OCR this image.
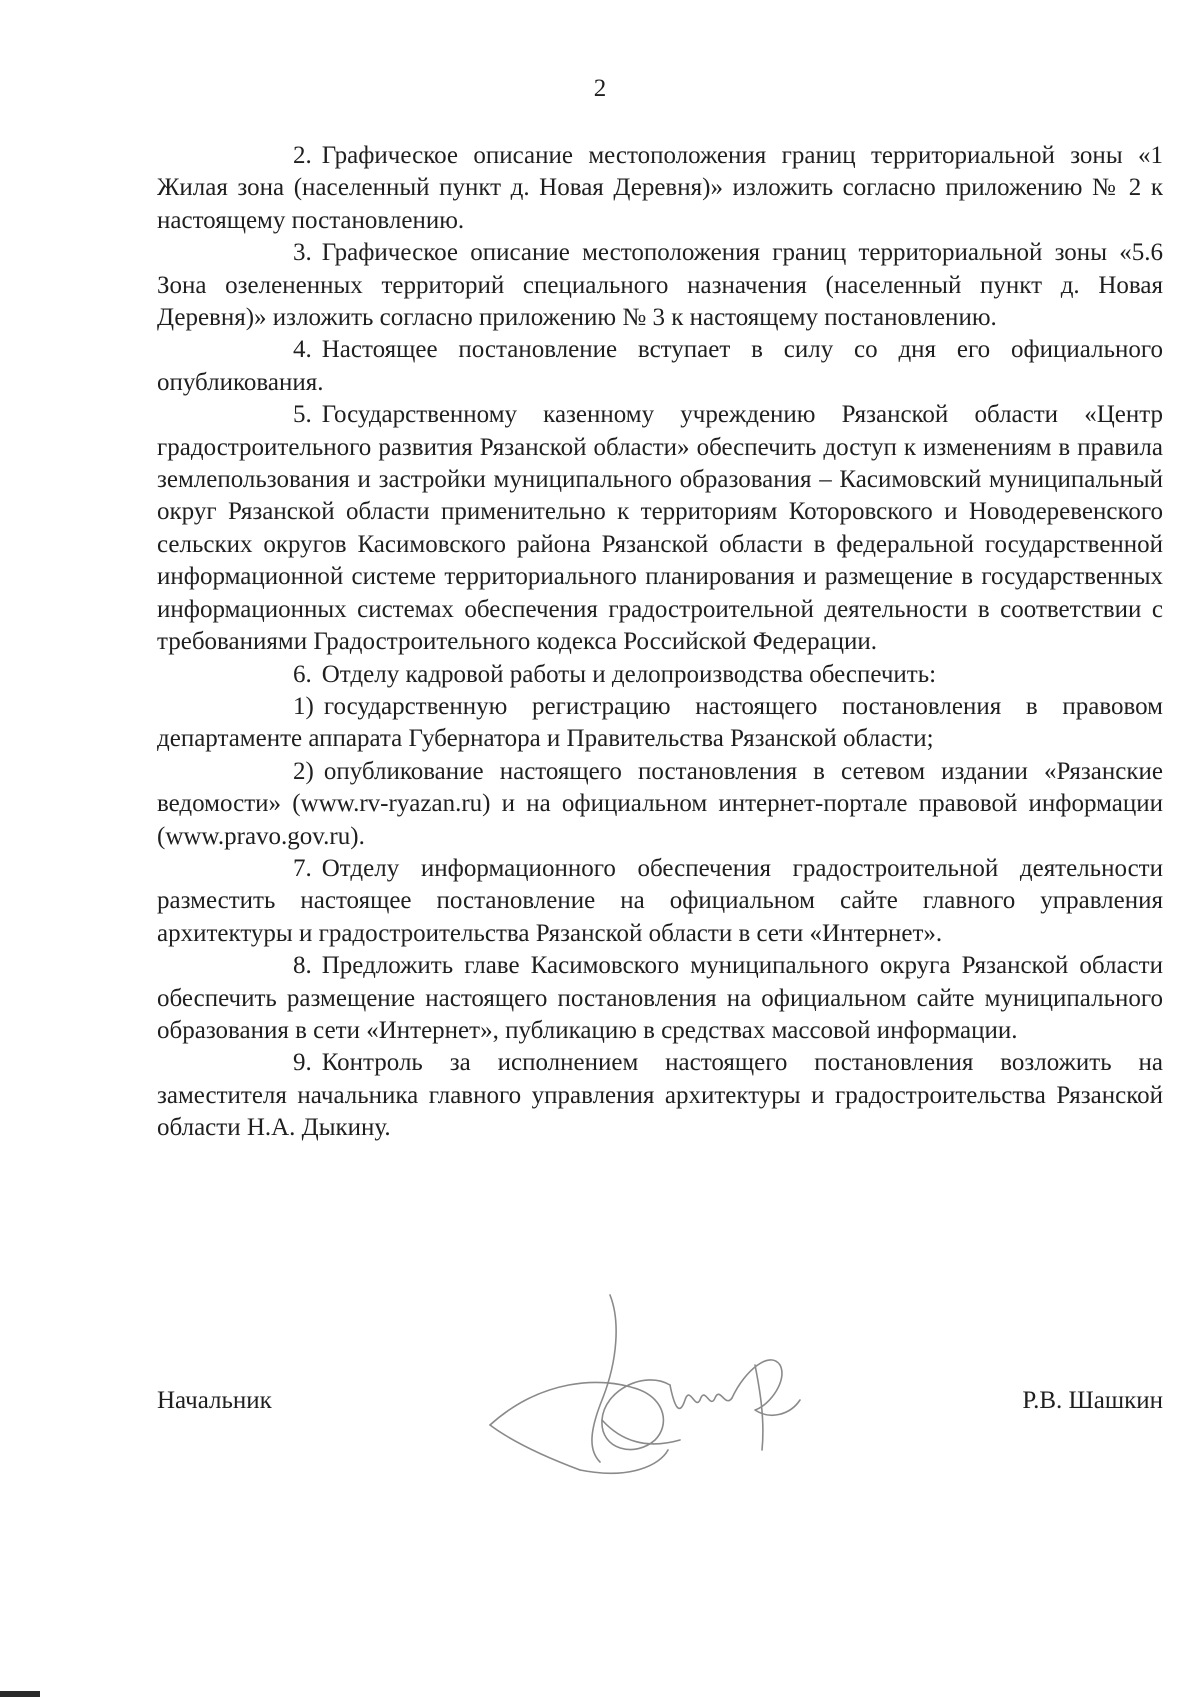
2

2. Графическое описание местоположения границ территориальной зоны «1 Жилая зона (населенный пункт д. Новая Деревня)» изложить согласно приложению № 2 к настоящему постановлению.

3. Графическое описание местоположения границ территориальной зоны «5.6 Зона озелененных территорий специального назначения (населенный пункт д. Новая Деревня)» изложить согласно приложению № 3 к настоящему постановлению.

4. Настоящее постановление вступает в силу со дня его официального опубликования.

5. Государственному казенному учреждению Рязанской области «Центр градостроительного развития Рязанской области» обеспечить доступ к изменениям в правила землепользования и застройки муниципального образования – Касимовский муниципальный округ Рязанской области применительно к территориям Которовского и Новодеревенского сельских округов Касимовского района Рязанской области в федеральной государственной информационной системе территориального планирования и размещение в государственных информационных системах обеспечения градостроительной деятельности в соответствии с требованиями Градостроительного кодекса Российской Федерации.

6. Отделу кадровой работы и делопроизводства обеспечить:

1) государственную регистрацию настоящего постановления в правовом департаменте аппарата Губернатора и Правительства Рязанской области;

2) опубликование настоящего постановления в сетевом издании «Рязанские ведомости» (www.rv-ryazan.ru) и на официальном интернет-портале правовой информации (www.pravo.gov.ru).

7. Отделу информационного обеспечения градостроительной деятельности разместить настоящее постановление на официальном сайте главного управления архитектуры и градостроительства Рязанской области в сети «Интернет».

8. Предложить главе Касимовского муниципального округа Рязанской области обеспечить размещение настоящего постановления на официальном сайте муниципального образования в сети «Интернет», публикацию в средствах массовой информации.

9. Контроль за исполнением настоящего постановления возложить на заместителя начальника главного управления архитектуры и градостроительства Рязанской области Н.А. Дыкину.

Начальник	Р.В. Шашкин
